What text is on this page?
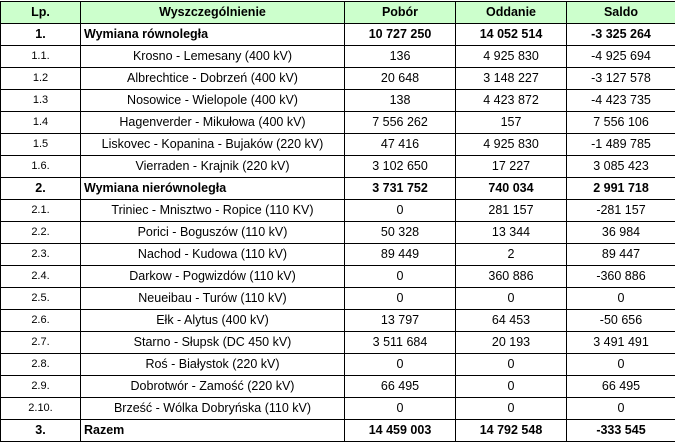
Lp.	Wyszczególnienie	Pobór	Oddanie	Saldo
1.	Wymiana równoległa	10 727 250	14 052 514	-3 325 264
1.1.	Krosno - Lemesany (400 kV)	136	4 925 830	-4 925 694
1.2	Albrechtice - Dobrzeń (400 kV)	20 648	3 148 227	-3 127 578
1.3	Nosowice - Wielopole (400 kV)	138	4 423 872	-4 423 735
1.4	Hagenverder - Mikułowa (400 kV)	7 556 262	157	7 556 106
1.5	Liskovec - Kopanina - Bujaków (220 kV)	47 416	4 925 830	-1 489 785
1.6.	Vierraden - Krajnik (220 kV)	3 102 650	17 227	3 085 423
2.	Wymiana nierównoległa	3 731 752	740 034	2 991 718
2.1.	Triniec - Mnisztwo - Ropice (110 KV)	0	281 157	-281 157
2.2.	Porici - Boguszów (110 kV)	50 328	13 344	36 984
2.3.	Nachod - Kudowa (110 kV)	89 449	2	89 447
2.4.	Darkow - Pogwizdów (110 kV)	0	360 886	-360 886
2.5.	Neueibau - Turów (110 kV)	0	0	0
2.6.	Ełk - Alytus (400 kV)	13 797	64 453	-50 656
2.7.	Starno - Słupsk (DC 450 kV)	3 511 684	20 193	3 491 491
2.8.	Roś - Białystok (220 kV)	0	0	0
2.9.	Dobrotwór - Zamość (220 kV)	66 495	0	66 495
2.10.	Brześć - Wólka Dobryńska (110 kV)	0	0	0
3.	Razem	14 459 003	14 792 548	-333 545
